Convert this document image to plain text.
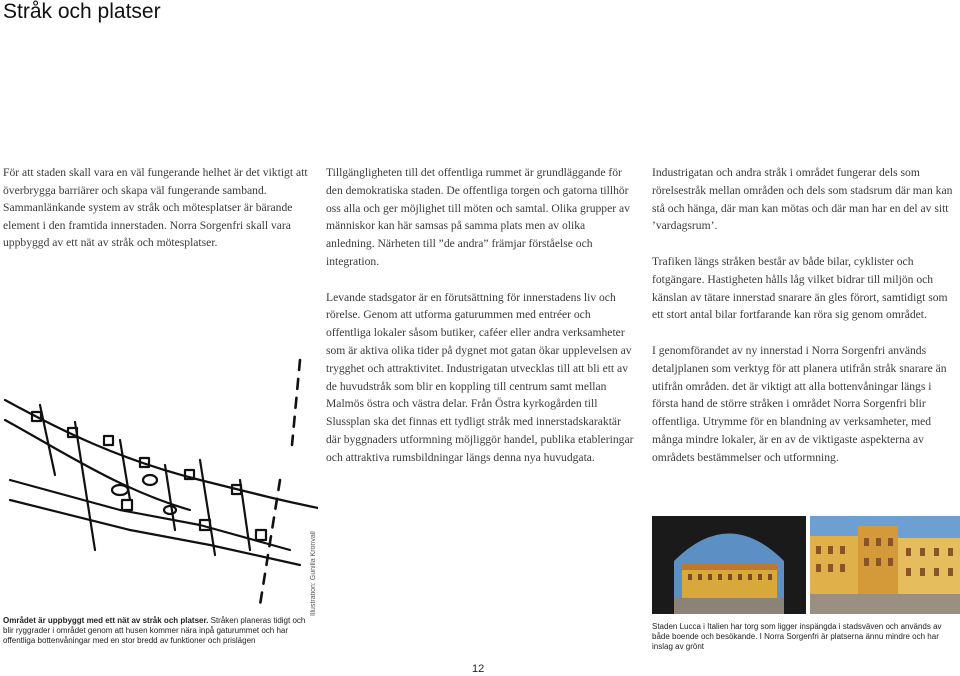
Stråk och platser
För att staden skall vara en väl fungerande helhet är det viktigt att överbrygga barriärer och skapa väl fungerande samband. Sammanlänkande system av stråk och mötesplatser är bärande element i den framtida innerstaden. Norra Sorgenfri skall vara uppbyggd av ett nät av stråk och mötesplatser.

Tillgängligheten till det offentliga rummet är grundläggande för den demokratiska staden. De offentliga torgen och gatorna tillhör oss alla och ger möjlighet till möten och samtal. Olika grupper av människor kan här samsas på samma plats men av olika anledning. Närheten till ”de andra” främjar förståelse och integration.

Levande stadsgator är en förutsättning för innerstadens liv och rörelse. Genom att utforma gaturummen med entréer och offentliga lokaler såsom butiker, caféer eller andra verksamheter som är aktiva olika tider på dygnet mot gatan ökar upplevelsen av trygghet och attraktivitet. Industrigatan utvecklas till att bli ett av de huvudstråk som blir en koppling till centrum samt mellan Malmös östra och västra delar. Från Östra kyrkogården till Slussplan ska det finnas ett tydligt stråk med innerstadskaraktär där byggnaders utformning möjliggör handel, publika etableringar och attraktiva rumsbildningar längs denna nya huvudgata.

Industrigatan och andra stråk i området fungerar dels som rörelsestråk mellan områden och dels som stadsrum där man kan stå och hänga, där man kan mötas och där man har en del av sitt ’vardagsrum’.

Trafiken längs stråken består av både bilar, cyklister och fotgängare. Hastigheten hålls låg vilket bidrar till miljön och känslan av tätare innerstad snarare än gles förort, samtidigt som ett stort antal bilar fortfarande kan röra sig genom området.

I genomförandet av ny innerstad i Norra Sorgenfri används detaljplanen som verktyg för att planera utifrån stråk snarare än utifrån områden. det är viktigt att alla bottenvåningar längs i första hand de större stråken i området Norra Sorgenfri blir offentliga. Utrymme för en blandning av verksamheter, med många mindre lokaler, är en av de viktigaste aspekterna av områdets bestämmelser och utformning.

Illustration: Gunilla Kronvall
Området är uppbyggt med ett nät av stråk och platser. Stråken planeras tidigt och blir ryggrader i området genom att husen kommer nära inpå gaturummet och har offentliga bottenvåningar med en stor bredd av funktioner och prislägen
Staden Lucca i Italien har torg som ligger inspängda i stadsväven och används av både boende och besökande. I Norra Sorgenfri är platserna ännu mindre och har inslag av grönt
12
